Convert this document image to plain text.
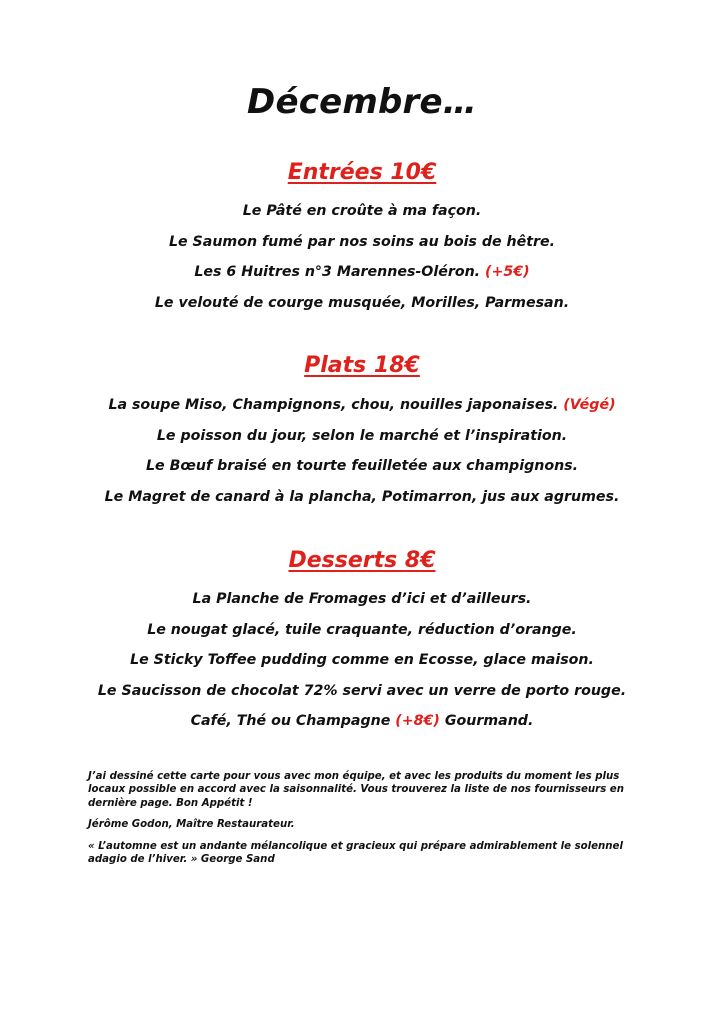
Décembre…
Entrées 10€
Le Pâté en croûte à ma façon.
Le Saumon fumé par nos soins au bois de hêtre.
Les 6 Huitres n°3 Marennes-Oléron. (+5€)
Le velouté de courge musquée, Morilles, Parmesan.
Plats 18€
La soupe Miso, Champignons, chou, nouilles japonaises. (Végé)
Le poisson du jour, selon le marché et l’inspiration.
Le Bœuf braisé en tourte feuilletée aux champignons.
Le Magret de canard à la plancha, Potimarron, jus aux agrumes.
Desserts 8€
La Planche de Fromages d’ici et d’ailleurs.
Le nougat glacé, tuile craquante, réduction d’orange.
Le Sticky Toffee pudding comme en Ecosse, glace maison.
Le Saucisson de chocolat 72% servi avec un verre de porto rouge.
Café, Thé ou Champagne (+8€) Gourmand.

J’ai dessiné cette carte pour vous avec mon équipe, et avec les produits du moment les plus locaux possible en accord avec la saisonnalité. Vous trouverez la liste de nos fournisseurs en dernière page. Bon Appétit !

Jérôme Godon, Maître Restaurateur.

« L’automne est un andante mélancolique et gracieux qui prépare admirablement le solennel adagio de l’hiver. » George Sand
